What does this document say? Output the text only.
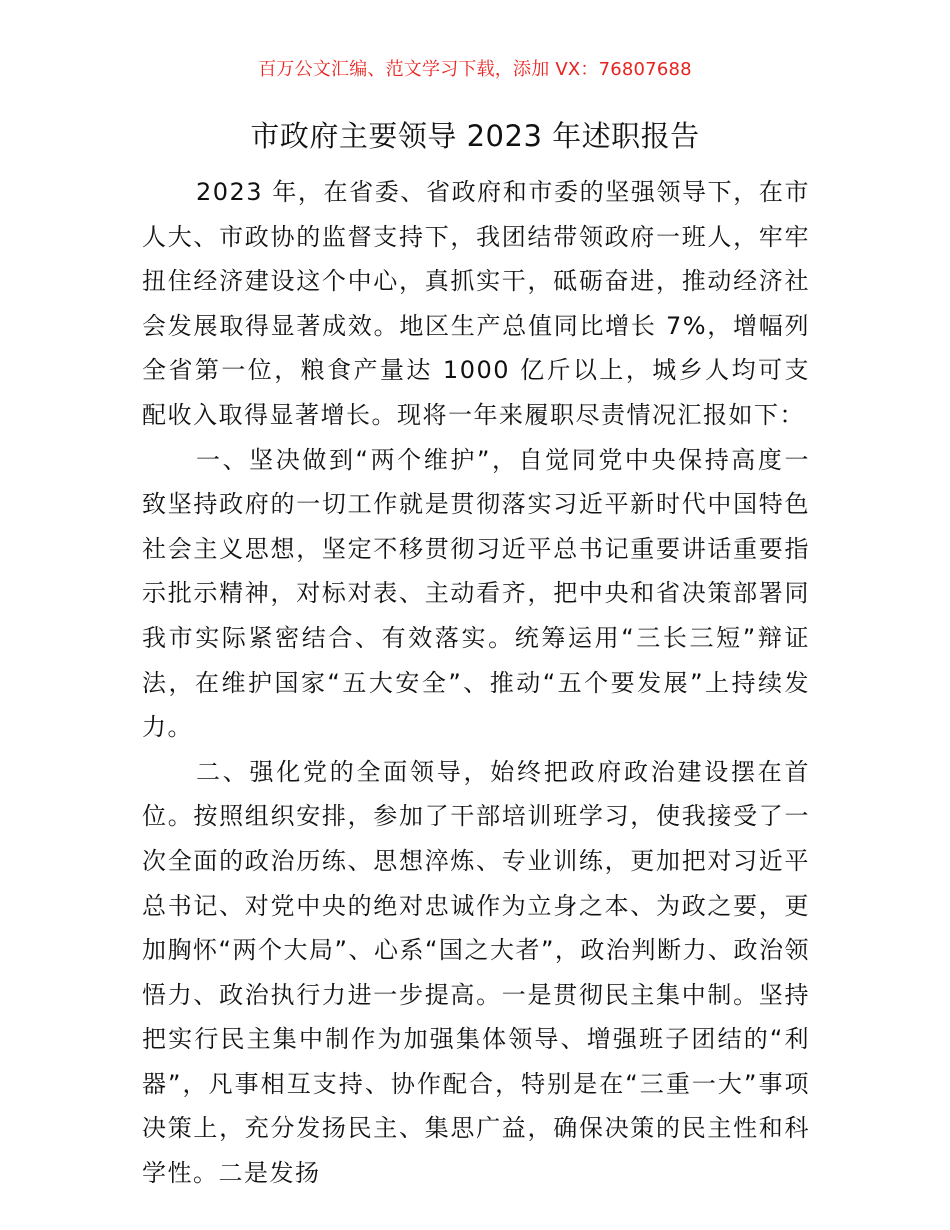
百万公文汇编、范文学习下载，添加 VX：76807688
市政府主要领导 2023 年述职报告

2023 年，在省委、省政府和市委的坚强领导下，在市人大、市政协的监督支持下，我团结带领政府一班人，牢牢扭住经济建设这个中心，真抓实干，砥砺奋进，推动经济社会发展取得显著成效。地区生产总值同比增长 7%，增幅列全省第一位，粮食产量达 1000 亿斤以上，城乡人均可支配收入取得显著增长。现将一年来履职尽责情况汇报如下：

一、坚决做到“两个维护”，自觉同党中央保持高度一致坚持政府的一切工作就是贯彻落实习近平新时代中国特色社会主义思想，坚定不移贯彻习近平总书记重要讲话重要指示批示精神，对标对表、主动看齐，把中央和省决策部署同我市实际紧密结合、有效落实。统筹运用“三长三短”辩证法，在维护国家“五大安全”、推动“五个要发展”上持续发力。

二、强化党的全面领导，始终把政府政治建设摆在首位。按照组织安排，参加了干部培训班学习，使我接受了一次全面的政治历练、思想淬炼、专业训练，更加把对习近平总书记、对党中央的绝对忠诚作为立身之本、为政之要，更加胸怀“两个大局”、心系“国之大者”，政治判断力、政治领悟力、政治执行力进一步提高。一是贯彻民主集中制。坚持把实行民主集中制作为加强集体领导、增强班子团结的“利器”，凡事相互支持、协作配合，特别是在“三重一大”事项决策上，充分发扬民主、集思广益，确保决策的民主性和科学性。二是发扬
